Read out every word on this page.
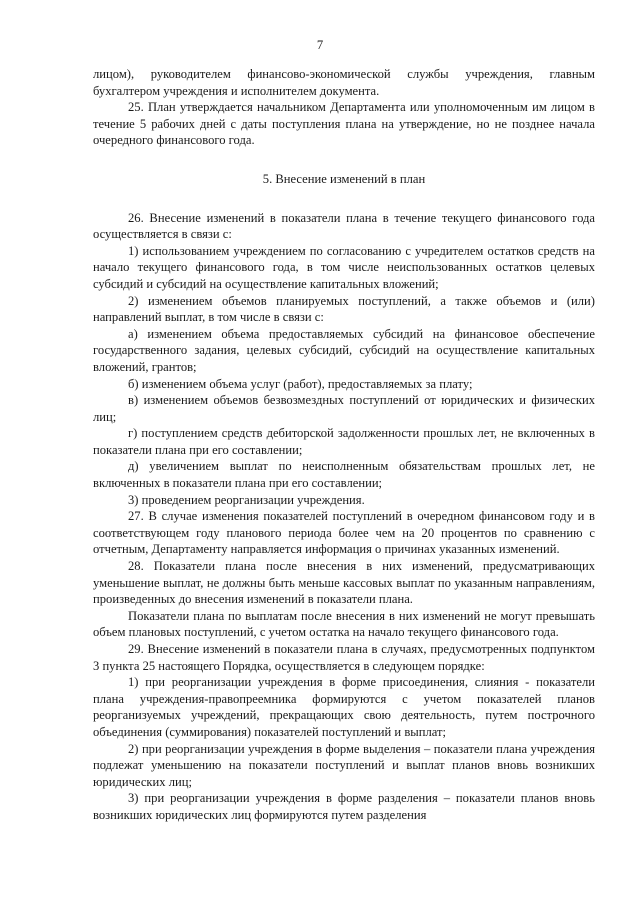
7

лицом), руководителем финансово-экономической службы учреждения, главным бухгалтером учреждения и исполнителем документа.

25. План утверждается начальником Департамента или уполномоченным им лицом в течение 5 рабочих дней с даты поступления плана на утверждение, но не позднее начала очередного финансового года.

5. Внесение изменений в план

26. Внесение изменений в показатели плана в течение текущего финансового года осуществляется в связи с:

1) использованием учреждением по согласованию с учредителем остатков средств на начало текущего финансового года, в том числе неиспользованных остатков целевых субсидий и субсидий на осуществление капитальных вложений;

2) изменением объемов планируемых поступлений, а также объемов и (или) направлений выплат, в том числе в связи с:

а) изменением объема предоставляемых субсидий на финансовое обеспечение государственного задания, целевых субсидий, субсидий на осуществление капитальных вложений, грантов;

б) изменением объема услуг (работ), предоставляемых за плату;

в) изменением объемов безвозмездных поступлений от юридических и физических лиц;

г) поступлением средств дебиторской задолженности прошлых лет, не включенных в показатели плана при его составлении;

д) увеличением выплат по неисполненным обязательствам прошлых лет, не включенных в показатели плана при его составлении;

3) проведением реорганизации учреждения.

27. В случае изменения показателей поступлений в очередном финансовом году и в соответствующем году планового периода более чем на 20 процентов по сравнению с отчетным, Департаменту направляется информация о причинах указанных изменений.

28. Показатели плана после внесения в них изменений, предусматривающих уменьшение выплат, не должны быть меньше кассовых выплат по указанным направлениям, произведенных до внесения изменений в показатели плана.

Показатели плана по выплатам после внесения в них изменений не могут превышать объем плановых поступлений, с учетом остатка на начало текущего финансового года.

29. Внесение изменений в показатели плана в случаях, предусмотренных подпунктом 3 пункта 25 настоящего Порядка, осуществляется в следующем порядке:

1) при реорганизации учреждения в форме присоединения, слияния - показатели плана учреждения-правопреемника формируются с учетом показателей планов реорганизуемых учреждений, прекращающих свою деятельность, путем построчного объединения (суммирования) показателей поступлений и выплат;

2) при реорганизации учреждения в форме выделения – показатели плана учреждения подлежат уменьшению на показатели поступлений и выплат планов вновь возникших юридических лиц;

3) при реорганизации учреждения в форме разделения – показатели планов вновь возникших юридических лиц формируются путем разделения
